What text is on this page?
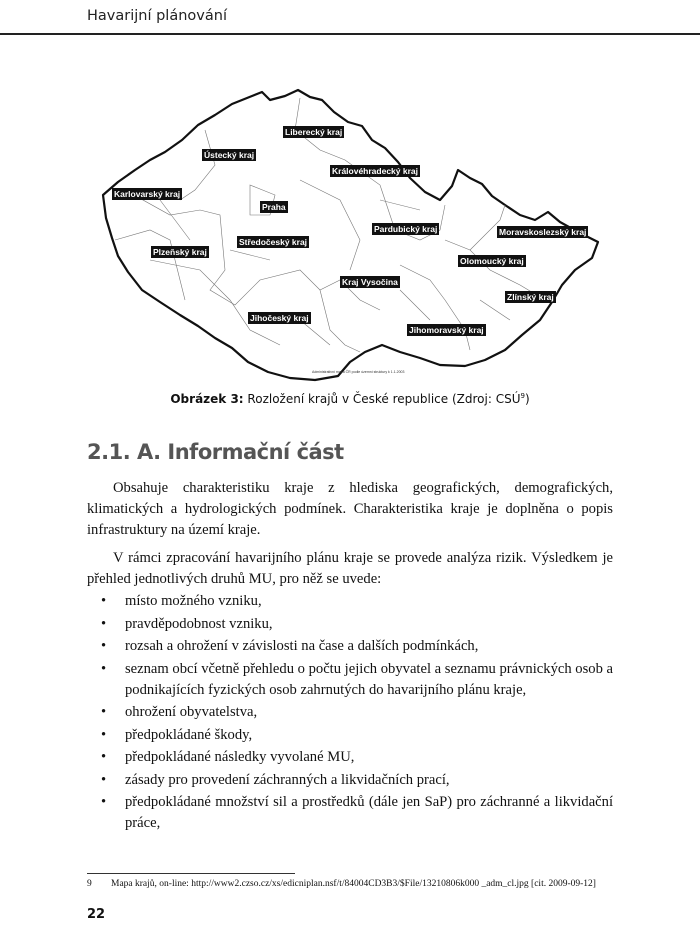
Havarijní plánování
Liberecký kraj
Ústecký kraj
Královéhradecký kraj
Karlovarský kraj
Praha
Pardubický kraj	Moravskoslezský kraj
Středočeský kraj
Plzeňský kraj
Olomoucký kraj
Kraj Vysočina
Zlínský kraj
Jihočeský kraj
Jihomoravský kraj
Administrativní mapa ČR podle územní struktury k 1.1.2003
Obrázek 3: Rozložení krajů v České republice (Zdroj: CSÚ$^9$)
2.1. A. Informační část

Obsahuje charakteristiku kraje z hlediska geografických, demografických, klimatických a hydrologických podmínek. Charakteristika kraje je doplněna o popis infrastruktury na území kraje.

V rámci zpracování havarijního plánu kraje se provede analýza rizik. Výsledkem je přehled jednotlivých druhů MU, pro něž se uvede:

• místo možného vzniku,
• pravděpodobnost vzniku,
• rozsah a ohrožení v závislosti na čase a dalších podmínkách,
• seznam obcí včetně přehledu o počtu jejich obyvatel a seznamu právnických osob a podnikajících fyzických osob zahrnutých do havarijního plánu kraje,
• ohrožení obyvatelstva,
• předpokládané škody,
• předpokládané následky vyvolané MU,
• zásady pro provedení záchranných a likvidačních prací,
• předpokládané množství sil a prostředků (dále jen SaP) pro záchranné a likvidační práce,
9	Mapa krajů, on-line: http://www2.czso.cz/xs/edicniplan.nsf/t/84004CD3B3/$File/13210806k000 _adm_cl.jpg [cit. 2009-09-12]
22
